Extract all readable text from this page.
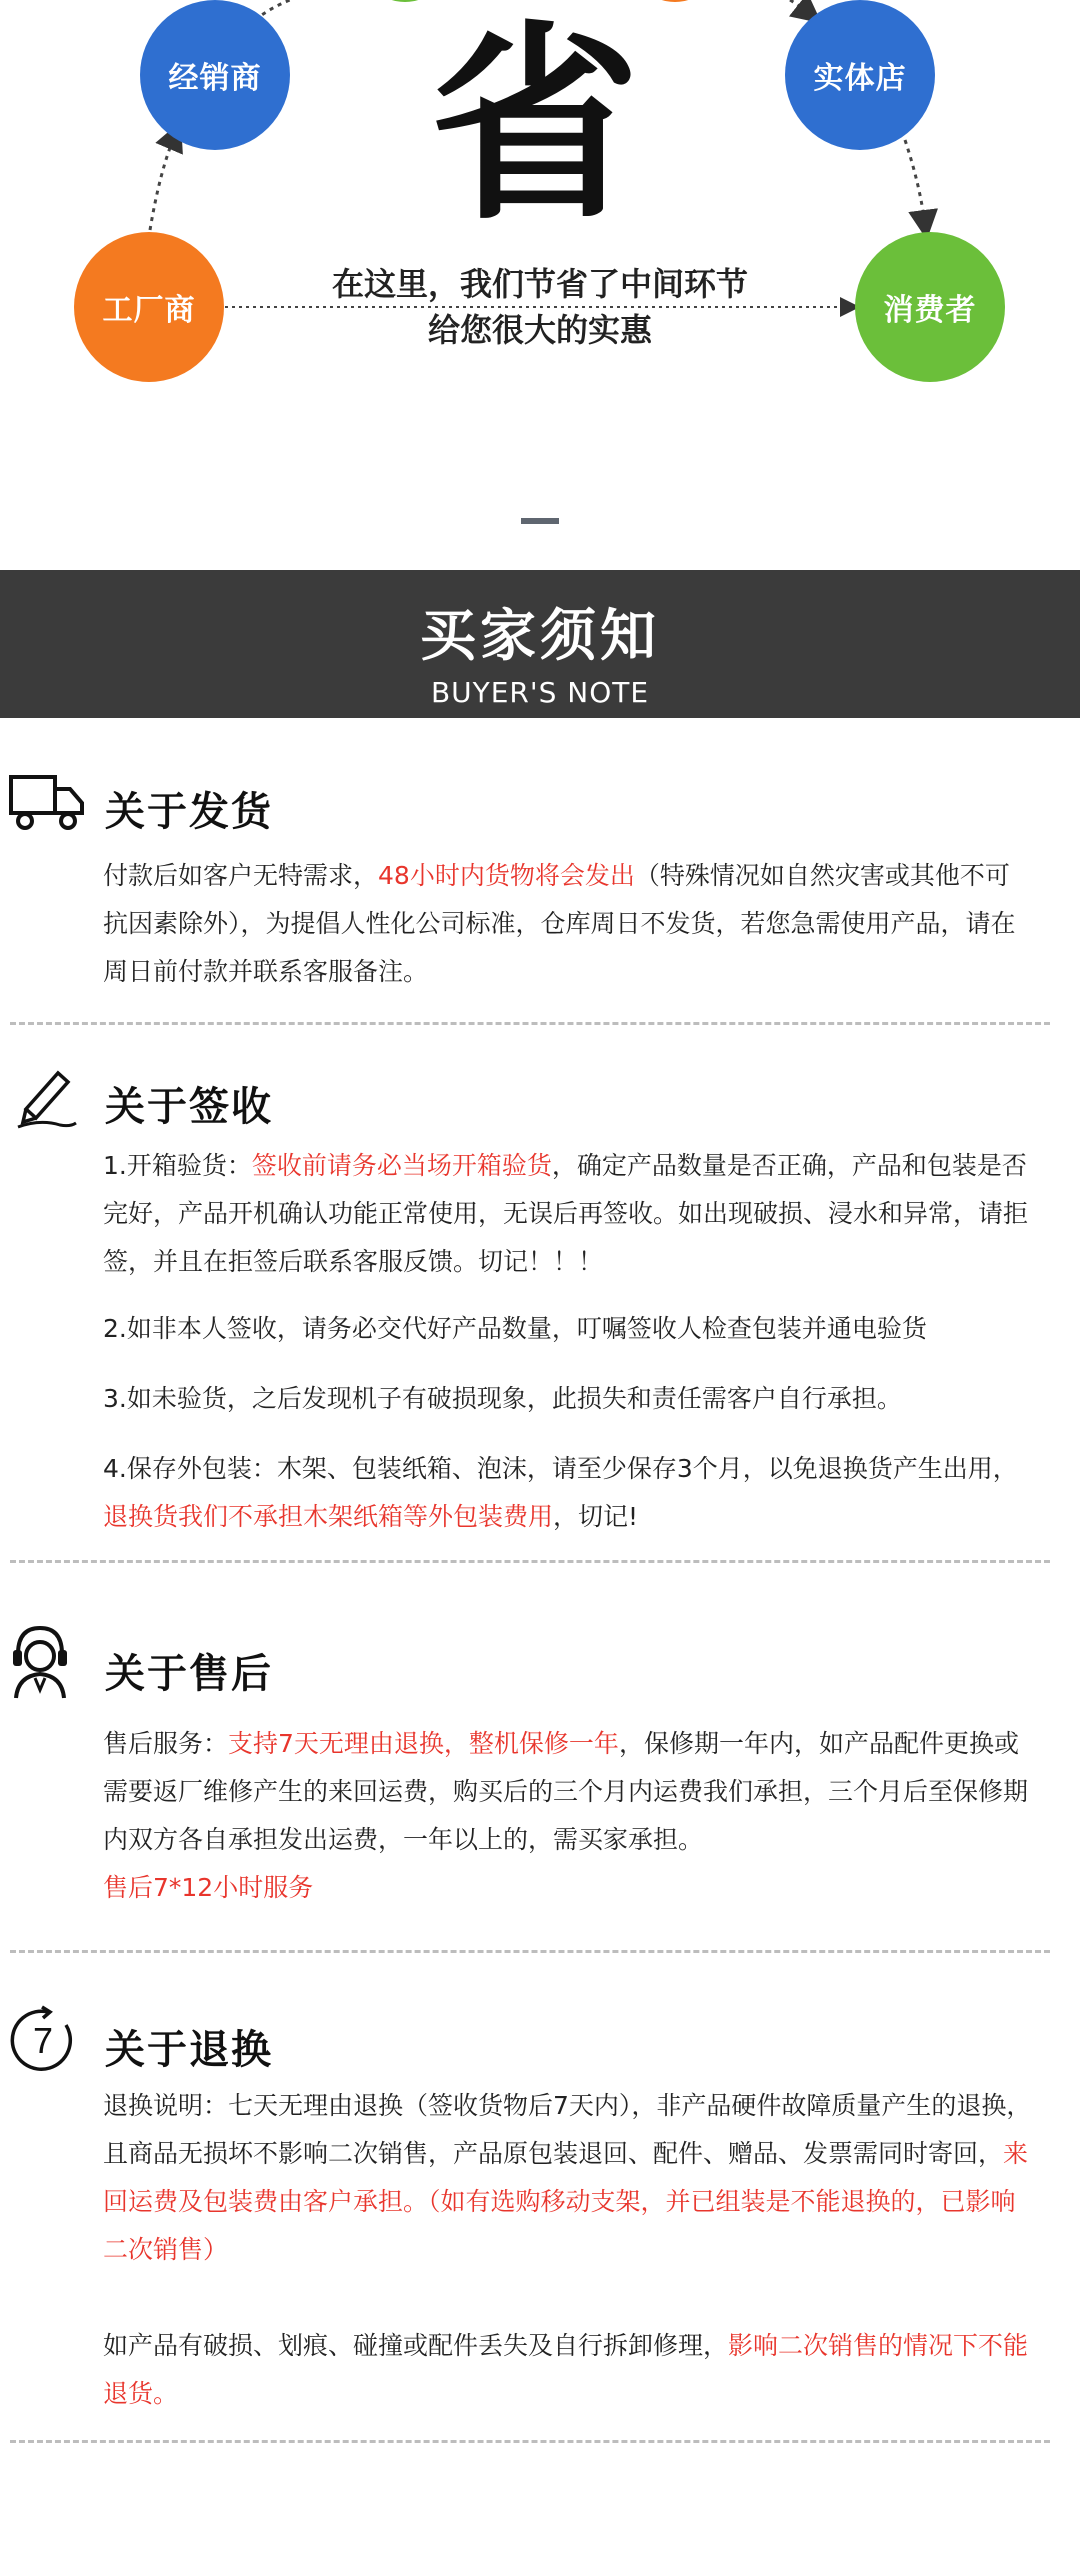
经销商	实体店
工厂商	消费者
省
在这里，我们节省了中间环节
给您很大的实惠
买家须知
BUYER'S NOTE
关于发货
付款后如客户无特需求，48小时内货物将会发出（特殊情况如自然灾害或其他不可抗因素除外），为提倡人性化公司标准，仓库周日不发货，若您急需使用产品，请在周日前付款并联系客服备注。
关于签收
1.开箱验货：签收前请务必当场开箱验货，确定产品数量是否正确，产品和包装是否完好，产品开机确认功能正常使用，无误后再签收。如出现破损、浸水和异常，请拒签，并且在拒签后联系客服反馈。切记！！！
2.如非本人签收，请务必交代好产品数量，叮嘱签收人检查包装并通电验货
3.如未验货，之后发现机子有破损现象，此损失和责任需客户自行承担。
4.保存外包装：木架、包装纸箱、泡沫，请至少保存3个月，以免退换货产生出用，退换货我们不承担木架纸箱等外包装费用，切记!
关于售后
售后服务：支持7天无理由退换，整机保修一年，保修期一年内，如产品配件更换或需要返厂维修产生的来回运费，购买后的三个月内运费我们承担，三个月后至保修期内双方各自承担发出运费，一年以上的，需买家承担。
售后7*12小时服务
7 关于退换
退换说明：七天无理由退换（签收货物后7天内），非产品硬件故障质量产生的退换，且商品无损坏不影响二次销售，产品原包装退回、配件、赠品、发票需同时寄回，来回运费及包装费由客户承担。（如有选购移动支架，并已组装是不能退换的，已影响二次销售）
如产品有破损、划痕、碰撞或配件丢失及自行拆卸修理，影响二次销售的情况下不能退货。
